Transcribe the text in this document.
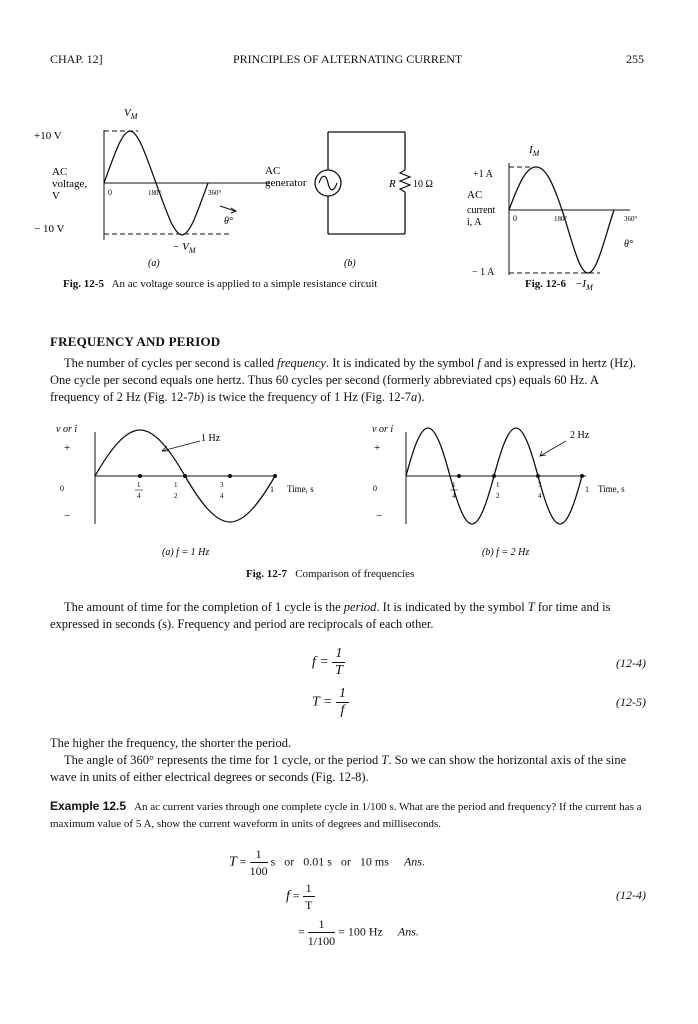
CHAP. 12]	PRINCIPLES OF ALTERNATING CURRENT	255
$V_M$
+10 V
AC
voltage,
V	0	180°	360°
θ°
− 10 V
− $V_M$
(a)
AC
generator	R 10 Ω
(b)
$I_M$
+1 A
AC
current
i, A	0	180°	360°
θ°
− 1 A
$-I_M$
Fig. 12-5 An ac voltage source is applied to a simple resistance circuit	Fig. 12-6
FREQUENCY AND PERIOD
The number of cycles per second is called frequency. It is indicated by the symbol f and is expressed in hertz (Hz). One cycle per second equals one hertz. Thus 60 cycles per second (formerly abbreviated cps) equals 60 Hz. A frequency of 2 Hz (Fig. 12-7b) is twice the frequency of 1 Hz (Fig. 12-7a).
v or i
+
0
−
1 Hz
1
4
1
2
3
4
1 Time, s
(a) f = 1 Hz
v or i
+
0
−
2 Hz
1
4
1
2
3
4
1 Time, s
(b) f = 2 Hz
Fig. 12-7 Comparison of frequencies
The amount of time for the completion of 1 cycle is the period. It is indicated by the symbol T for time and is expressed in seconds (s). Frequency and period are reciprocals of each other.
$f = \frac{1}{T}$	(12-4)
$T = \frac{1}{f}$	(12-5)
The higher the frequency, the shorter the period.
The angle of 360° represents the time for 1 cycle, or the period T. So we can show the horizontal axis of the sine wave in units of either electrical degrees or seconds (Fig. 12-8).
Example 12.5 An ac current varies through one complete cycle in 1/100 s. What are the period and frequency? If the current has a maximum value of 5 A, show the current waveform in units of degrees and milliseconds.
$T = \frac{1}{100}$ s or 0.01 s or 10 ms Ans.
$f = \frac{1}{T}$	(12-4)
= $\frac{1}{1/100} = 100$ Hz Ans.
